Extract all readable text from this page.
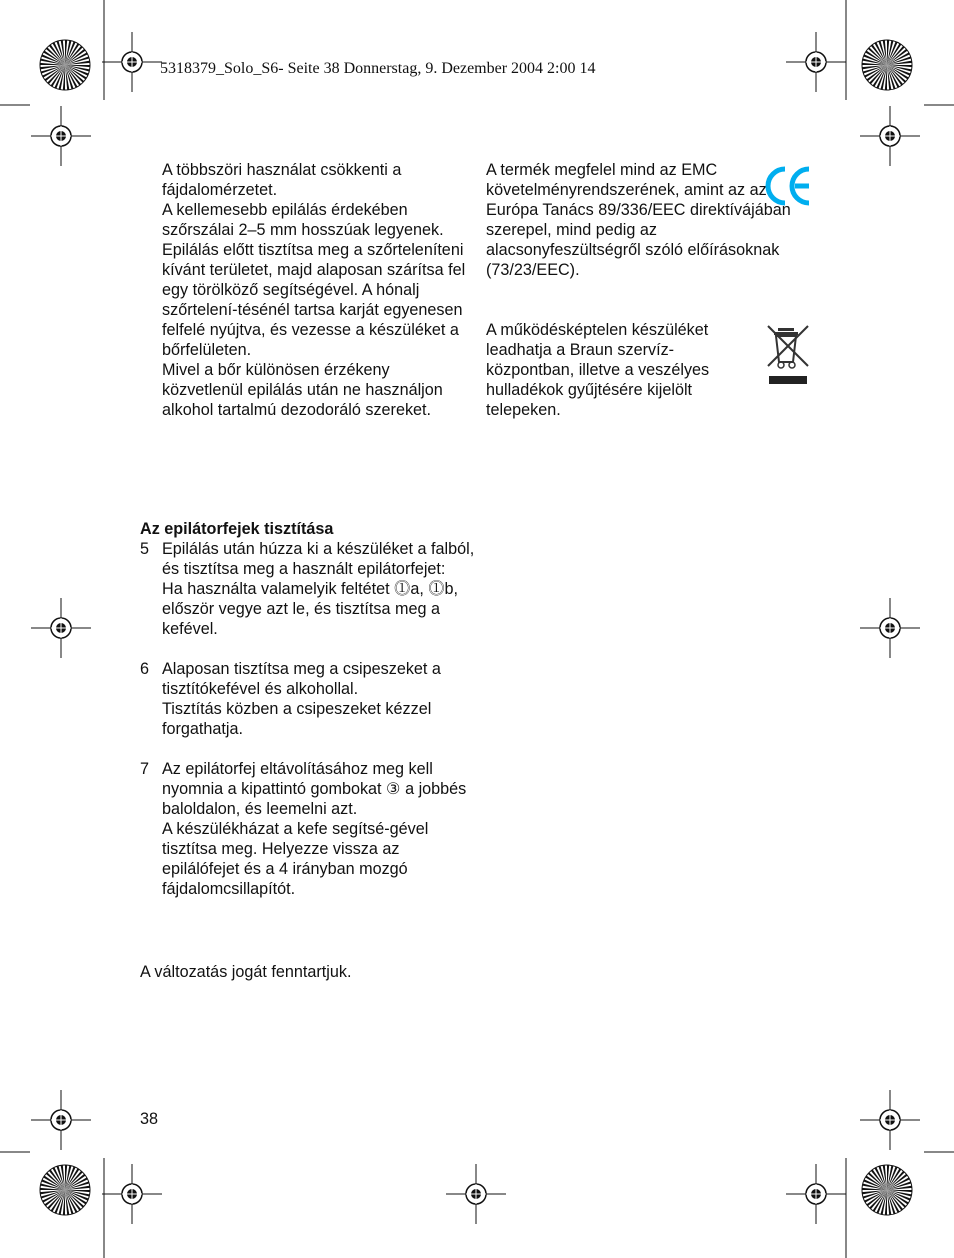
5318379_Solo_S6- Seite 38 Donnerstag, 9. Dezember 2004 2:00 14

A többszöri használat csökkenti a fájdalomérzetet.

A kellemesebb epilálás érdekében szőrszálai 2–5 mm hosszúak legyenek.

Epilálás előtt tisztítsa meg a szőrteleníteni kívánt területet, majd alaposan szárítsa fel egy törölköző segítségével. A hónalj szőrtelení-tésénél tartsa karját egyenesen felfelé nyújtva, és vezesse a készüléket a bőrfelületen.

Mivel a bőr különösen érzékeny közvetlenül epilálás után ne használjon alkohol tartalmú dezodoráló szereket.

Az epilátorfejek tisztítása
5 Epilálás után húzza ki a készüléket a falból, és tisztítsa meg a használt epilátorfejet:

Ha használta valamelyik feltétet ⓵a, ⓵b, először vegye azt le, és tisztítsa meg a kefével.

6 Alaposan tisztítsa meg a csipeszeket a tisztítókefével és alkohollal.

Tisztítás közben a csipeszeket kézzel forgathatja.

7 Az epilátorfej eltávolításához meg kell nyomnia a kipattintó gombokat ③ a jobbés baloldalon, és leemelni azt.

A készülékházat a kefe segítsé-gével tisztítsa meg. Helyezze vissza az epilálófejet és a 4 irányban mozgó fájdalomcsillapítót.

A változatás jogát fenntartjuk.

A termék megfelel mind az EMC követelményrendszerének, amint az az Európa Tanács 89/336/EEC direktívájában szerepel, mind pedig az alacsonyfeszültségről szóló előírásoknak (73/23/EEC).

A működésképtelen készüléket leadhatja a Braun szervíz-központban, illetve a veszélyes hulladékok gyűjtésére kijelölt telepeken.

38
